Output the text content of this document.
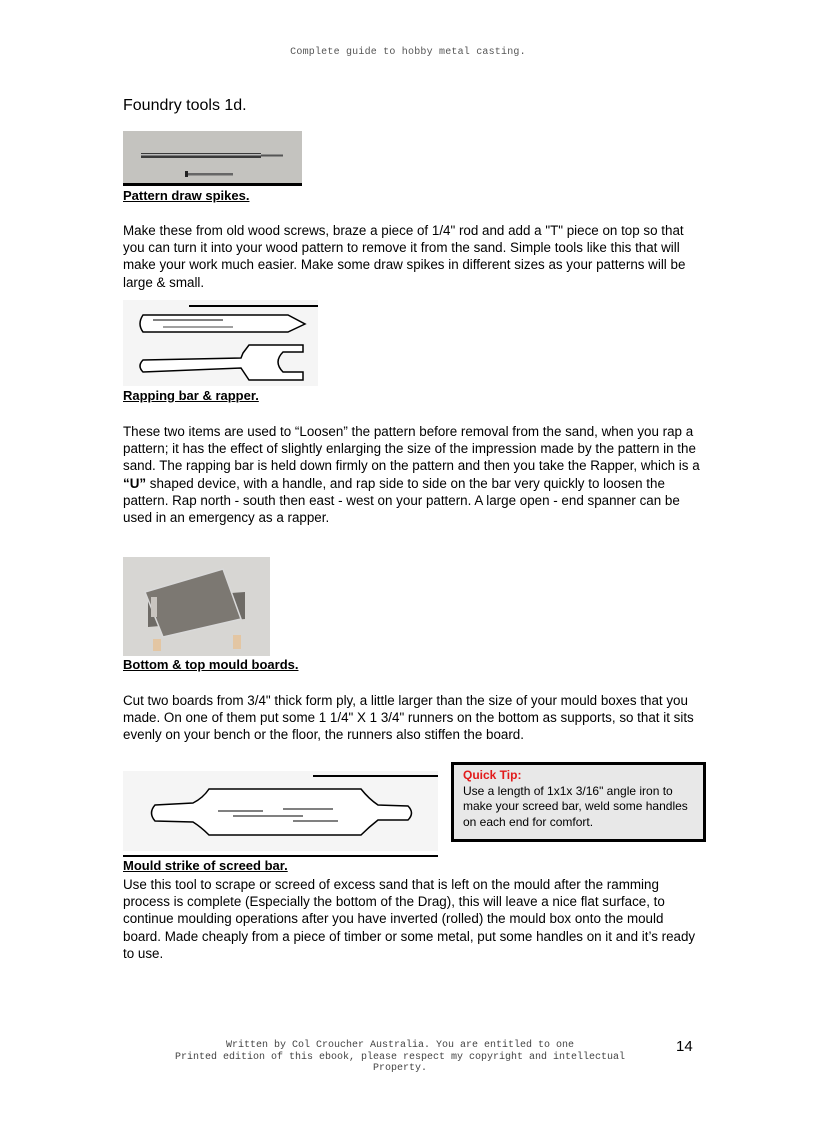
Complete guide to hobby metal casting.
Foundry tools 1d.
Pattern draw spikes.
Make these from old wood screws, braze a piece of 1/4" rod and add a "T" piece on top so that you can turn it into your wood pattern to remove it from the sand. Simple tools like this that will make your work much easier. Make some draw spikes in different sizes as your patterns will be large & small.
Rapping bar & rapper.
These two items are used to “Loosen” the pattern before removal from the sand, when you rap a pattern; it has the effect of slightly enlarging the size of the impression made by the pattern in the sand. The rapping bar is held down firmly on the pattern and then you take the Rapper, which is a “U” shaped device, with a handle, and rap side to side on the bar very quickly to loosen the pattern. Rap north - south then east - west on your pattern. A large open - end spanner can be used in an emergency as a rapper.
Bottom & top mould boards.
Cut two boards from 3/4" thick form ply, a little larger than the size of your mould boxes that you made. On one of them put some 1 1/4" X 1 3/4" runners on the bottom as supports, so that it sits evenly on your bench or the floor, the runners also stiffen the board.
Mould strike of screed bar.
Use this tool to scrape or screed of excess sand that is left on the mould after the ramming process is complete (Especially the bottom of the Drag), this will leave a nice flat surface, to continue moulding operations after you have inverted (rolled) the mould box onto the mould board. Made cheaply from a piece of timber or some metal, put some handles on it and it’s ready to use.
Quick Tip:
Use a length of 1x1x 3/16" angle iron to make your screed bar, weld some handles on each end for comfort.
Written by Col Croucher Australia. You are entitled to one
Printed edition of this ebook, please respect my copyright and intellectual
Property.
14
